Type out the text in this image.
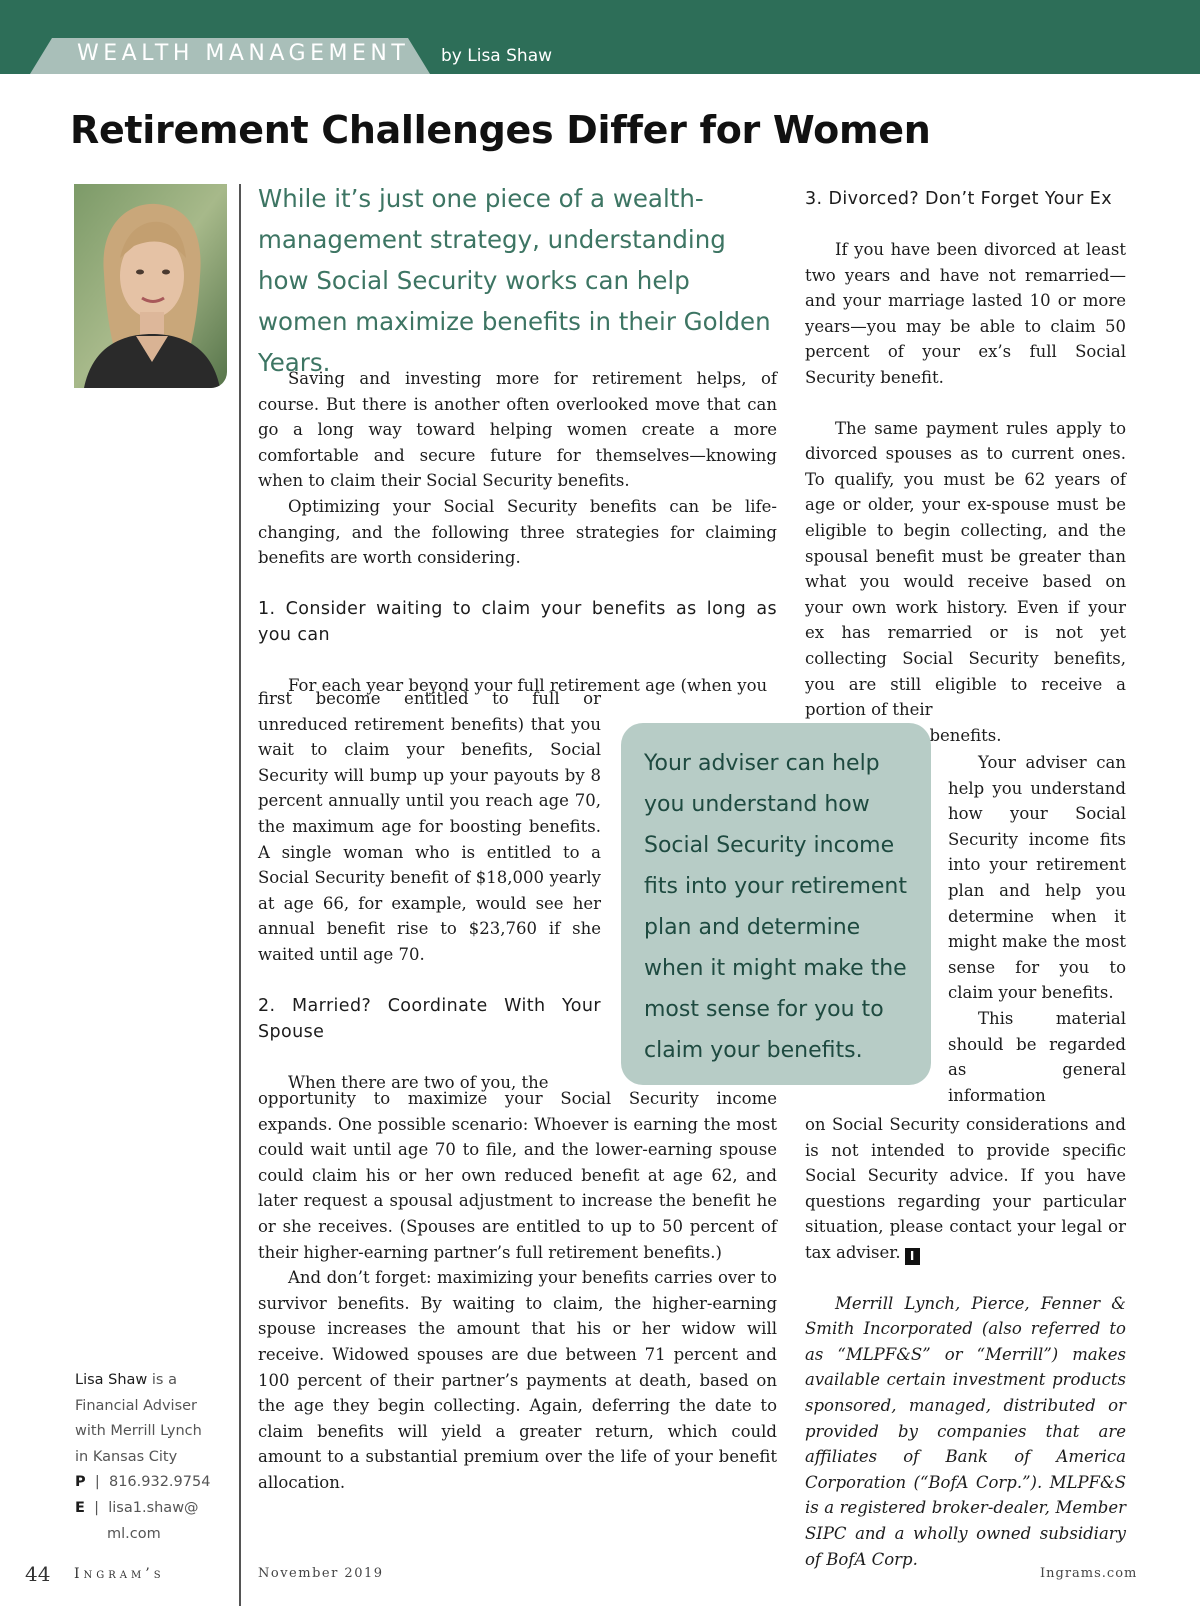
WEALTH MANAGEMENT by Lisa Shaw
Retirement Challenges Differ for Women
While it’s just one piece of a wealth-management strategy, understanding how Social Security works can help women maximize benefits in their Golden Years.

Saving and investing more for retirement helps, of course. But there is another often overlooked move that can go a long way toward helping women create a more comfortable and secure future for themselves—knowing when to claim their Social Security benefits.

Optimizing your Social Security benefits can be life-changing, and the following three strategies for claiming benefits are worth considering.

1. Consider waiting to claim your benefits as long as you can

For each year beyond your full retirement age (when you

first become entitled to full or unreduced retirement benefits) that you wait to claim your benefits, Social Security will bump up your payouts by 8 percent annually until you reach age 70, the maximum age for boosting benefits. A single woman who is entitled to a Social Security benefit of $18,000 yearly at age 66, for example, would see her annual benefit rise to $23,760 if she waited until age 70.

2. Married? Coordinate With Your Spouse

When there are two of you, the

opportunity to maximize your Social Security income expands. One possible scenario: Whoever is earning the most could wait until age 70 to file, and the lower-earning spouse could claim his or her own reduced benefit at age 62, and later request a spousal adjustment to increase the benefit he or she receives. (Spouses are entitled to up to 50 percent of their higher-earning partner’s full retirement benefits.)

And don’t forget: maximizing your benefits carries over to survivor benefits. By waiting to claim, the higher-earning spouse increases the amount that his or her widow will receive. Widowed spouses are due between 71 percent and 100 percent of their partner’s payments at death, based on the age they begin collecting. Again, deferring the date to claim benefits will yield a greater return, which could amount to a substantial premium over the life of your benefit allocation.

3. Divorced? Don’t Forget Your Ex

If you have been divorced at least two years and have not remarried—and your marriage lasted 10 or more years—you may be able to claim 50 percent of your ex’s full Social Security benefit.

The same payment rules apply to divorced spouses as to current ones. To qualify, you must be 62 years of age or older, your ex-spouse must be eligible to begin collecting, and the spousal benefit must be greater than what you would receive based on your own work history. Even if your ex has remarried or is not yet collecting Social Security benefits, you are still eligible to receive a portion of their

benefits.

Your adviser can help you understand how your Social Security income fits into your retirement plan and help you determine when it might make the most sense for you to claim your benefits.

This material should be regarded as general information

on Social Security considerations and is not intended to provide specific Social Security advice. If you have questions regarding your particular situation, please contact your legal or tax adviser. I

Merrill Lynch, Pierce, Fenner & Smith Incorporated (also referred to as “MLPF&S” or “Merrill”) makes available certain investment products sponsored, managed, distributed or provided by companies that are affiliates of Bank of America Corporation (“BofA Corp.”). MLPF&S is a registered broker-dealer, Member SIPC and a wholly owned subsidiary of BofA Corp.

Your adviser can help you understand how Social Security income fits into your retirement plan and determine when it might make the most sense for you to claim your benefits.
Lisa Shaw is a
Financial Adviser
with Merrill Lynch
in Kansas City
P  |  816.932.9754
E  |  lisa1.shaw@
ml.com
44 Ingram’s	November 2019	Ingrams.com
